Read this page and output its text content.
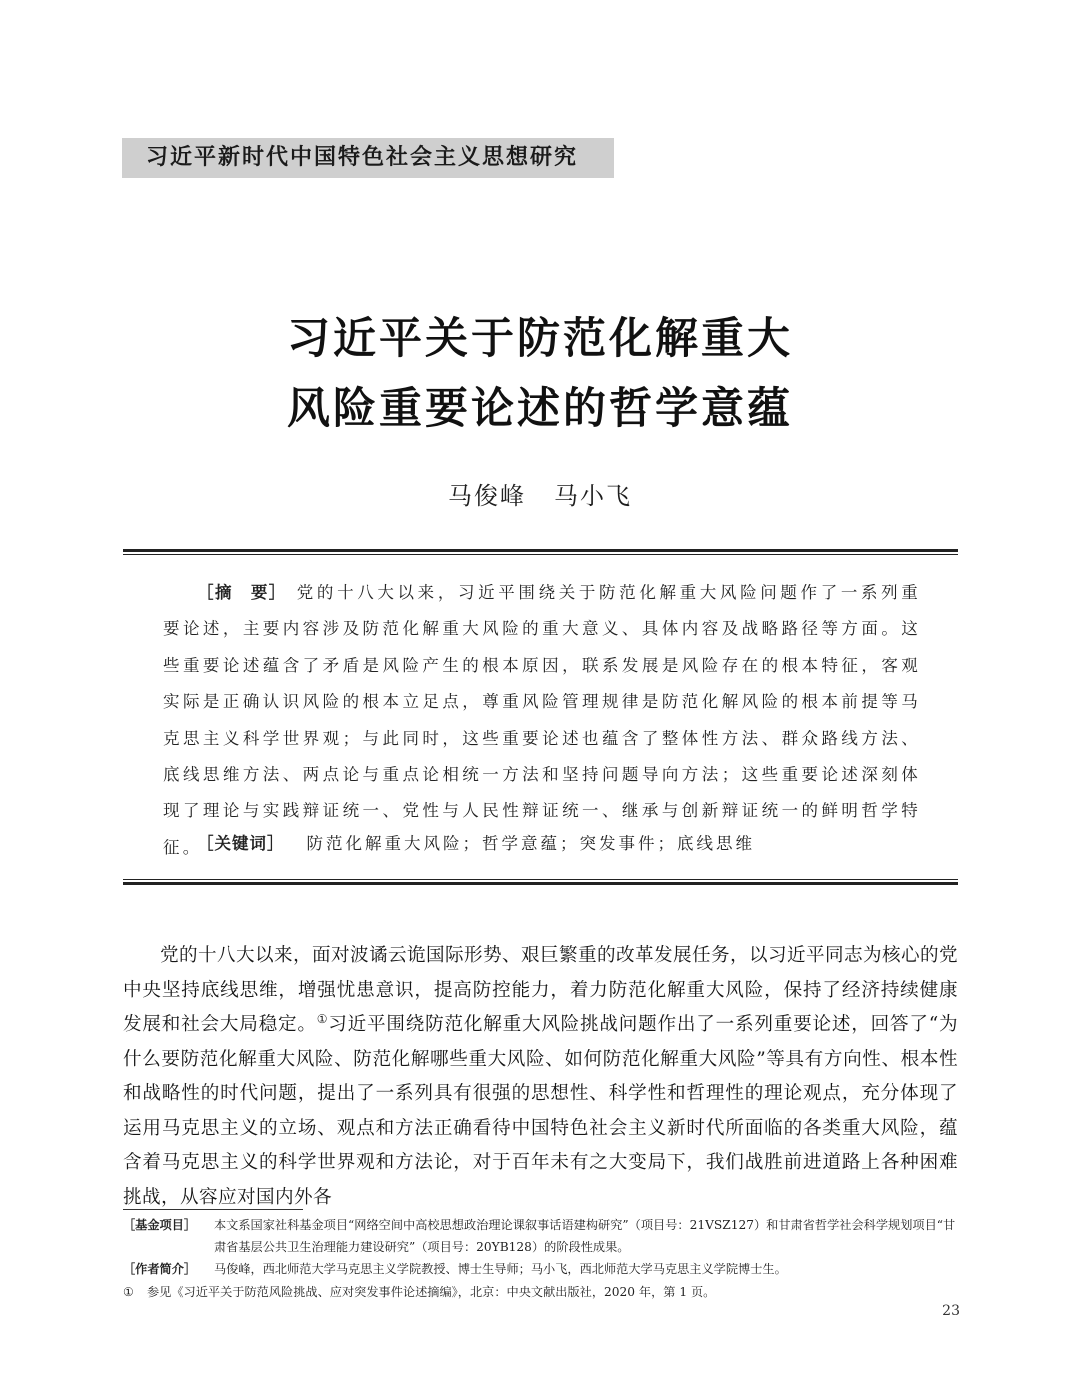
习近平新时代中国特色社会主义思想研究
习近平关于防范化解重大
风险重要论述的哲学意蕴
马俊峰 马小飞
［摘　要］ 党的十八大以来，习近平围绕关于防范化解重大风险问题作了一系列重要论述，主要内容涉及防范化解重大风险的重大意义、具体内容及战略路径等方面。这些重要论述蕴含了矛盾是风险产生的根本原因，联系发展是风险存在的根本特征，客观实际是正确认识风险的根本立足点，尊重风险管理规律是防范化解风险的根本前提等马克思主义科学世界观；与此同时，这些重要论述也蕴含了整体性方法、群众路线方法、底线思维方法、两点论与重点论相统一方法和坚持问题导向方法；这些重要论述深刻体现了理论与实践辩证统一、党性与人民性辩证统一、继承与创新辩证统一的鲜明哲学特征。
［关键词］ 防范化解重大风险；哲学意蕴；突发事件；底线思维
党的十八大以来，面对波谲云诡国际形势、艰巨繁重的改革发展任务，以习近平同志为核心的党中央坚持底线思维，增强忧患意识，提高防控能力，着力防范化解重大风险，保持了经济持续健康发展和社会大局稳定。①习近平围绕防范化解重大风险挑战问题作出了一系列重要论述，回答了“为什么要防范化解重大风险、防范化解哪些重大风险、如何防范化解重大风险”等具有方向性、根本性和战略性的时代问题，提出了一系列具有很强的思想性、科学性和哲理性的理论观点，充分体现了运用马克思主义的立场、观点和方法正确看待中国特色社会主义新时代所面临的各类重大风险，蕴含着马克思主义的科学世界观和方法论，对于百年未有之大变局下，我们战胜前进道路上各种困难挑战，从容应对国内外各
［基金项目］ 本文系国家社科基金项目“网络空间中高校思想政治理论课叙事话语建构研究”（项目号：21VSZ127）和甘肃省哲学社会科学规划项目“甘肃省基层公共卫生治理能力建设研究”（项目号：20YB128）的阶段性成果。
［作者简介］ 马俊峰，西北师范大学马克思主义学院教授、博士生导师；马小飞，西北师范大学马克思主义学院博士生。
① 参见《习近平关于防范风险挑战、应对突发事件论述摘编》，北京：中央文献出版社，2020 年，第 1 页。
23
